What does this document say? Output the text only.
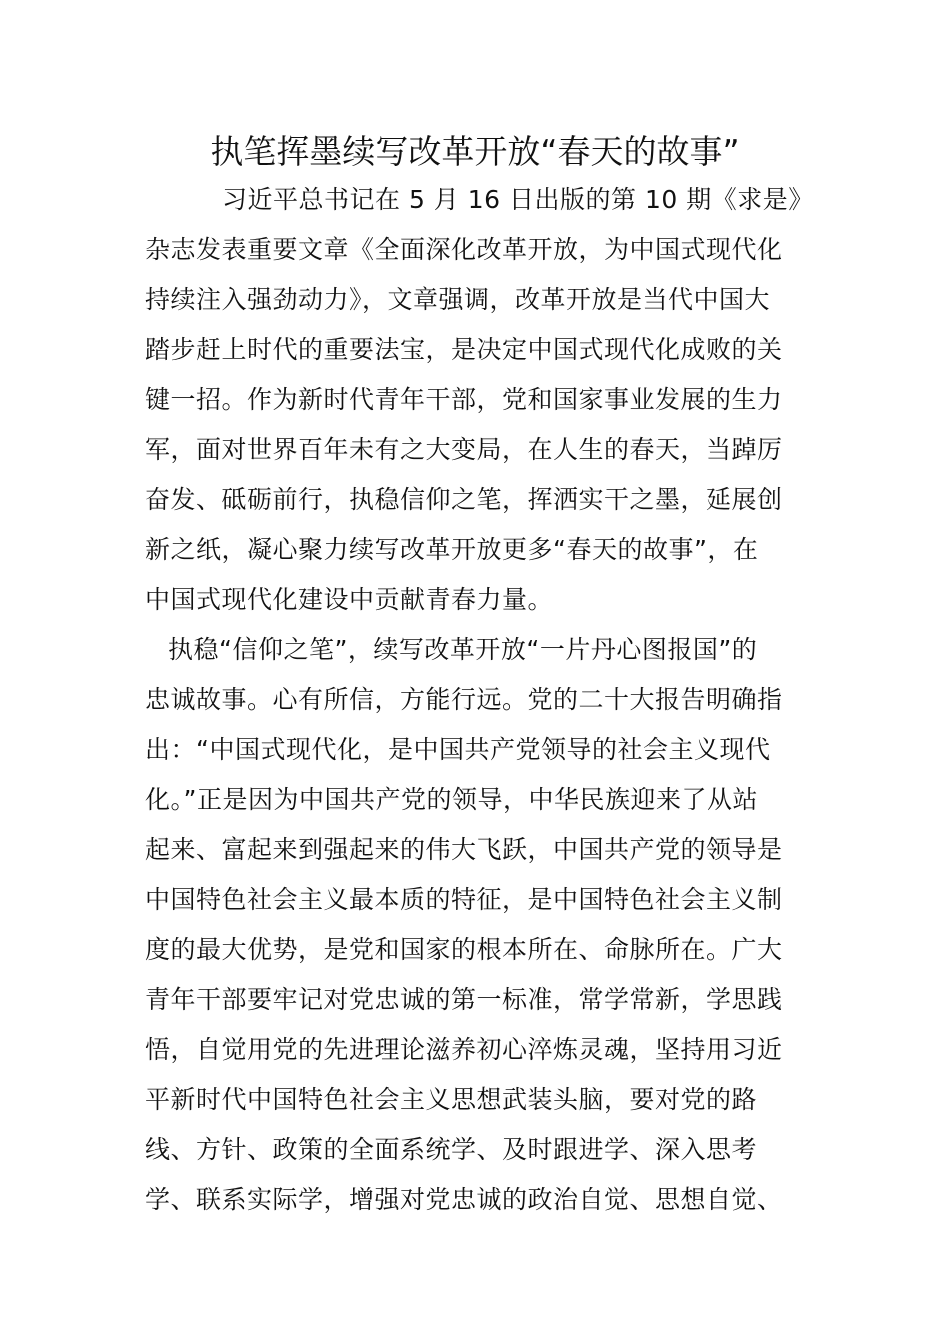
执笔挥墨续写改革开放“春天的故事”
习近平总书记在 5 月 16 日出版的第 10 期《求是》
杂志发表重要文章《全面深化改革开放，为中国式现代化
持续注入强劲动力》，文章强调，改革开放是当代中国大
踏步赶上时代的重要法宝，是决定中国式现代化成败的关
键一招。作为新时代青年干部，党和国家事业发展的生力
军，面对世界百年未有之大变局，在人生的春天，当踔厉
奋发、砥砺前行，执稳信仰之笔，挥洒实干之墨，延展创
新之纸，凝心聚力续写改革开放更多“春天的故事”，在
中国式现代化建设中贡献青春力量。
执稳“信仰之笔”，续写改革开放“一片丹心图报国”的
忠诚故事。心有所信，方能行远。党的二十大报告明确指
出：“中国式现代化，是中国共产党领导的社会主义现代
化。”正是因为中国共产党的领导，中华民族迎来了从站
起来、富起来到强起来的伟大飞跃，中国共产党的领导是
中国特色社会主义最本质的特征，是中国特色社会主义制
度的最大优势，是党和国家的根本所在、命脉所在。广大
青年干部要牢记对党忠诚的第一标准，常学常新，学思践
悟，自觉用党的先进理论滋养初心淬炼灵魂，坚持用习近
平新时代中国特色社会主义思想武装头脑，要对党的路
线、方针、政策的全面系统学、及时跟进学、深入思考
学、联系实际学，增强对党忠诚的政治自觉、思想自觉、
